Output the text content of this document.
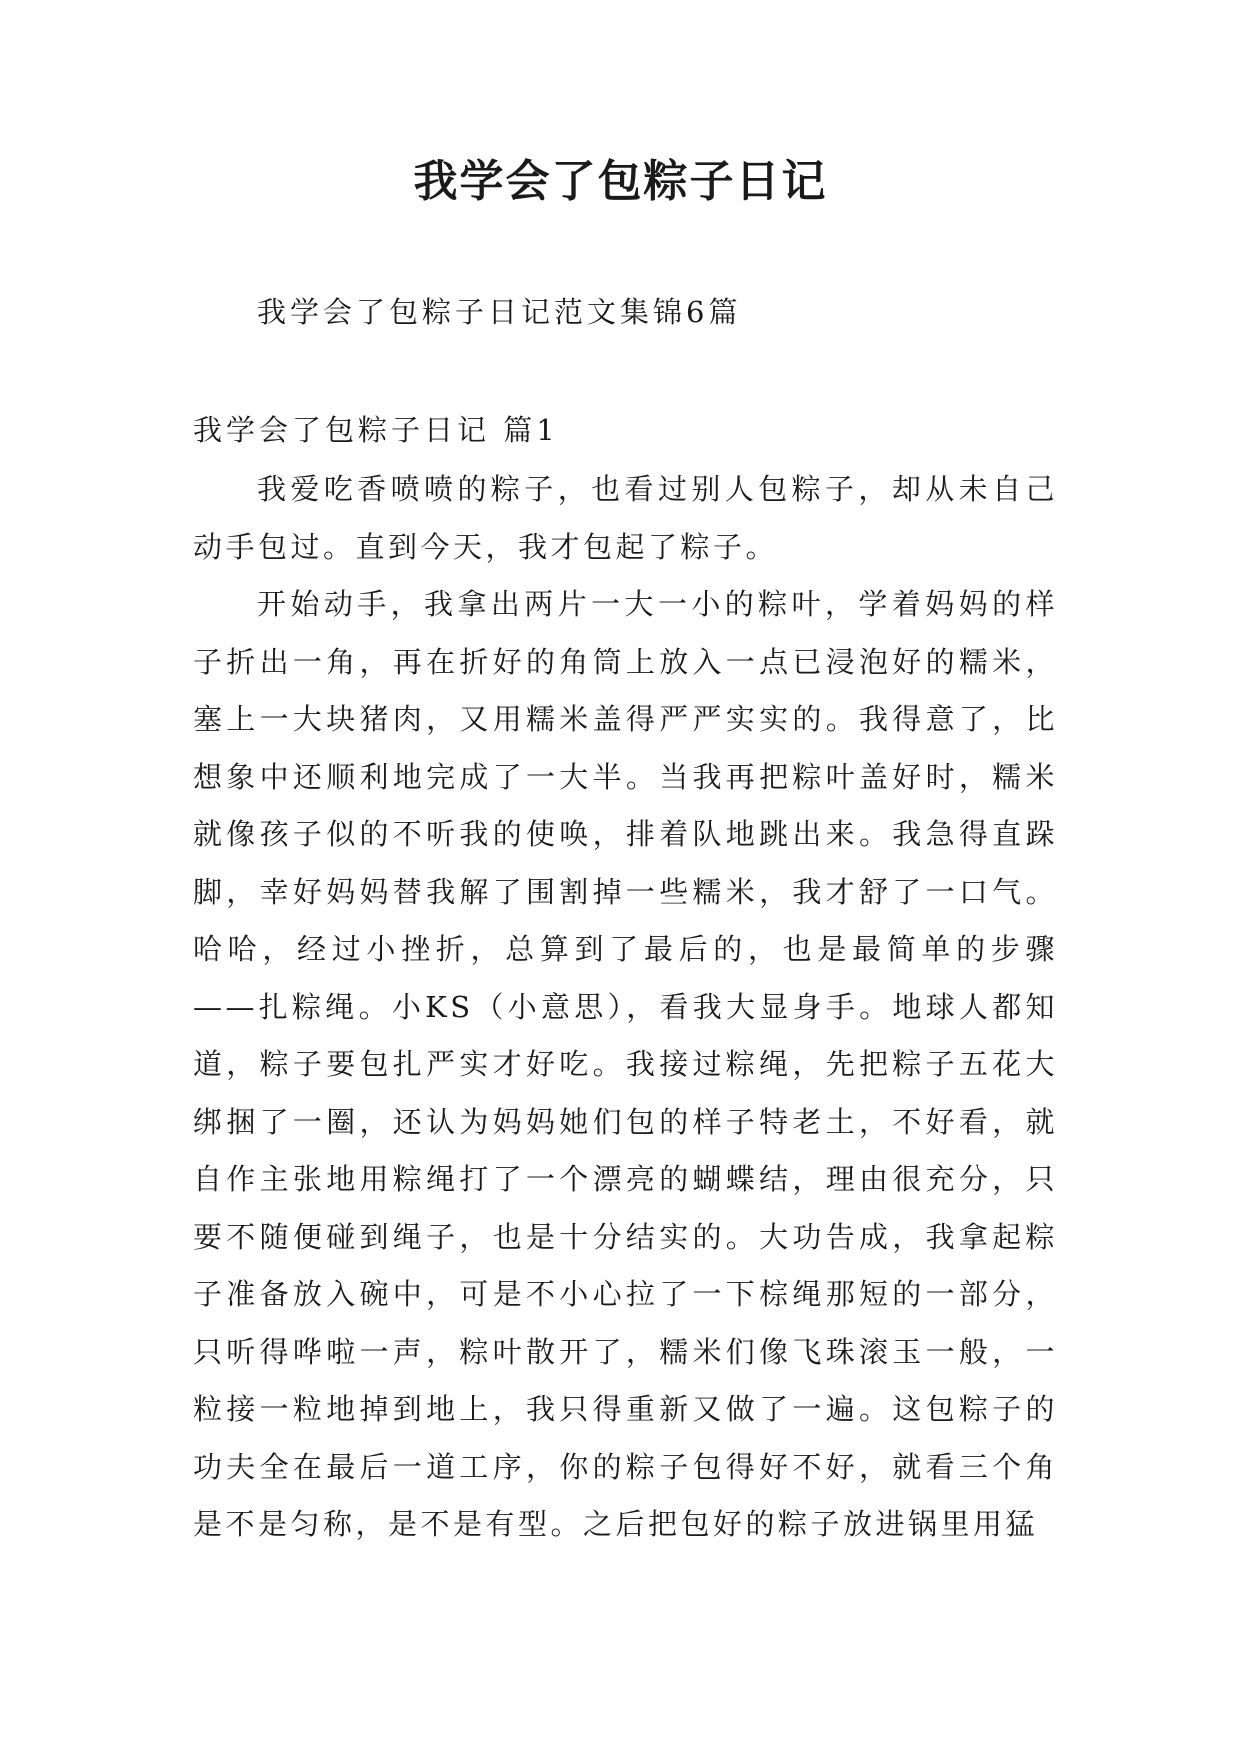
我学会了包粽子日记

我学会了包粽子日记范文集锦6篇

我学会了包粽子日记 篇1

我爱吃香喷喷的粽子，也看过别人包粽子，却从未自己动手包过。直到今天，我才包起了粽子。

开始动手，我拿出两片一大一小的粽叶，学着妈妈的样子折出一角，再在折好的角筒上放入一点已浸泡好的糯米，塞上一大块猪肉，又用糯米盖得严严实实的。我得意了，比想象中还顺利地完成了一大半。当我再把粽叶盖好时，糯米就像孩子似的不听我的使唤，排着队地跳出来。我急得直跺脚，幸好妈妈替我解了围割掉一些糯米，我才舒了一口气。哈哈，经过小挫折，总算到了最后的，也是最简单的步骤——扎粽绳。小KS（小意思），看我大显身手。地球人都知道，粽子要包扎严实才好吃。我接过粽绳，先把粽子五花大绑捆了一圈，还认为妈妈她们包的样子特老土，不好看，就自作主张地用粽绳打了一个漂亮的蝴蝶结，理由很充分，只要不随便碰到绳子，也是十分结实的。大功告成，我拿起粽子准备放入碗中，可是不小心拉了一下棕绳那短的一部分，只听得哗啦一声，粽叶散开了，糯米们像飞珠滚玉一般，一粒接一粒地掉到地上，我只得重新又做了一遍。这包粽子的功夫全在最后一道工序，你的粽子包得好不好，就看三个角是不是匀称，是不是有型。之后把包好的粽子放进锅里用猛
